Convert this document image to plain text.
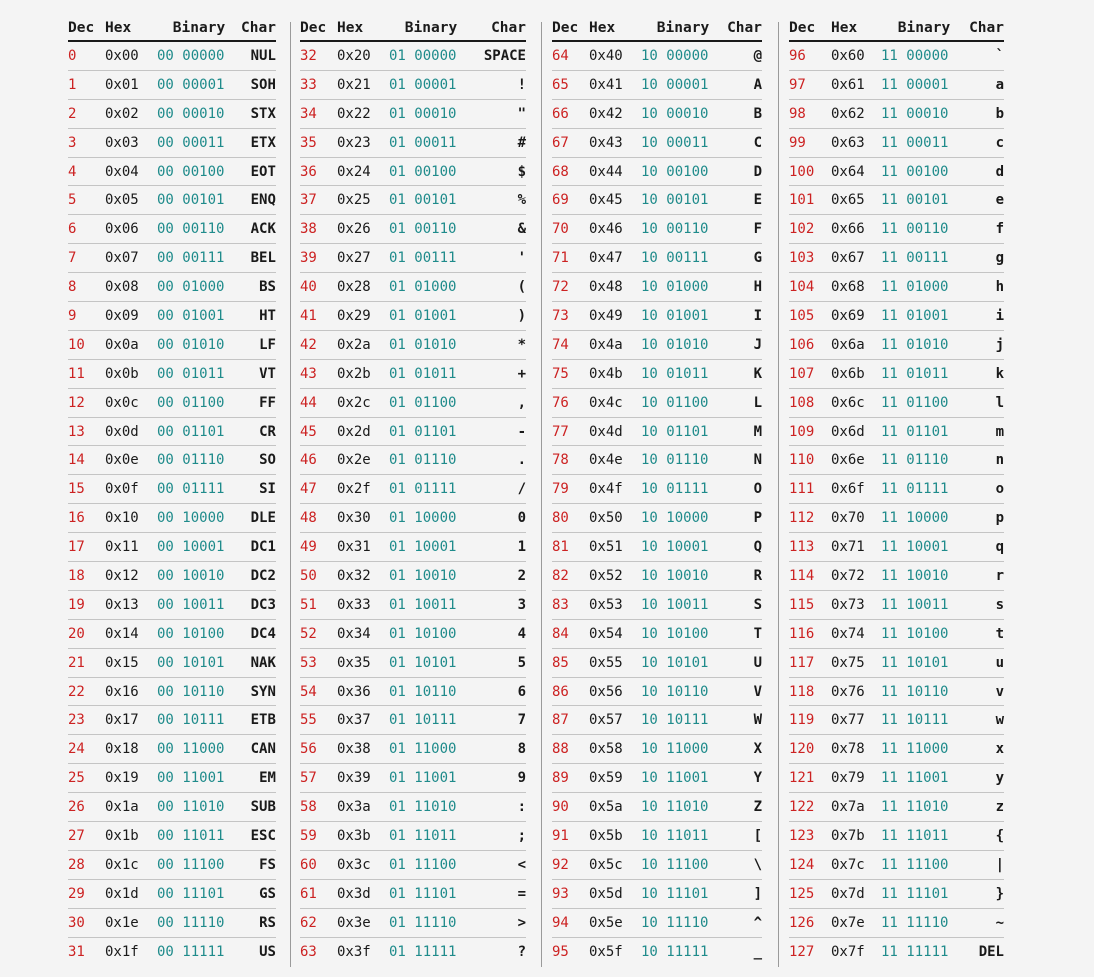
Dec	Hex	Binary	Char
0	0x00	00 00000	NUL
1	0x01	00 00001	SOH
2	0x02	00 00010	STX
3	0x03	00 00011	ETX
4	0x04	00 00100	EOT
5	0x05	00 00101	ENQ
6	0x06	00 00110	ACK
7	0x07	00 00111	BEL
8	0x08	00 01000	BS
9	0x09	00 01001	HT
10	0x0a	00 01010	LF
11	0x0b	00 01011	VT
12	0x0c	00 01100	FF
13	0x0d	00 01101	CR
14	0x0e	00 01110	SO
15	0x0f	00 01111	SI
16	0x10	00 10000	DLE
17	0x11	00 10001	DC1
18	0x12	00 10010	DC2
19	0x13	00 10011	DC3
20	0x14	00 10100	DC4
21	0x15	00 10101	NAK
22	0x16	00 10110	SYN
23	0x17	00 10111	ETB
24	0x18	00 11000	CAN
25	0x19	00 11001	EM
26	0x1a	00 11010	SUB
27	0x1b	00 11011	ESC
28	0x1c	00 11100	FS
29	0x1d	00 11101	GS
30	0x1e	00 11110	RS
31	0x1f	00 11111	US
Dec	Hex	Binary	Char
32	0x20	01 00000	SPACE
33	0x21	01 00001	!
34	0x22	01 00010	"
35	0x23	01 00011	#
36	0x24	01 00100	$
37	0x25	01 00101	%
38	0x26	01 00110	&
39	0x27	01 00111	'
40	0x28	01 01000	(
41	0x29	01 01001	)
42	0x2a	01 01010	*
43	0x2b	01 01011	+
44	0x2c	01 01100	,
45	0x2d	01 01101	-
46	0x2e	01 01110	.
47	0x2f	01 01111	/
48	0x30	01 10000	0
49	0x31	01 10001	1
50	0x32	01 10010	2
51	0x33	01 10011	3
52	0x34	01 10100	4
53	0x35	01 10101	5
54	0x36	01 10110	6
55	0x37	01 10111	7
56	0x38	01 11000	8
57	0x39	01 11001	9
58	0x3a	01 11010	:
59	0x3b	01 11011	;
60	0x3c	01 11100	<
61	0x3d	01 11101	=
62	0x3e	01 11110	>
63	0x3f	01 11111	?
Dec	Hex	Binary	Char
64	0x40	10 00000	@
65	0x41	10 00001	A
66	0x42	10 00010	B
67	0x43	10 00011	C
68	0x44	10 00100	D
69	0x45	10 00101	E
70	0x46	10 00110	F
71	0x47	10 00111	G
72	0x48	10 01000	H
73	0x49	10 01001	I
74	0x4a	10 01010	J
75	0x4b	10 01011	K
76	0x4c	10 01100	L
77	0x4d	10 01101	M
78	0x4e	10 01110	N
79	0x4f	10 01111	O
80	0x50	10 10000	P
81	0x51	10 10001	Q
82	0x52	10 10010	R
83	0x53	10 10011	S
84	0x54	10 10100	T
85	0x55	10 10101	U
86	0x56	10 10110	V
87	0x57	10 10111	W
88	0x58	10 11000	X
89	0x59	10 11001	Y
90	0x5a	10 11010	Z
91	0x5b	10 11011	[
92	0x5c	10 11100	\
93	0x5d	10 11101	]
94	0x5e	10 11110	^
95	0x5f	10 11111	_
Dec	Hex	Binary	Char
96	0x60	11 00000	`
97	0x61	11 00001	a
98	0x62	11 00010	b
99	0x63	11 00011	c
100	0x64	11 00100	d
101	0x65	11 00101	e
102	0x66	11 00110	f
103	0x67	11 00111	g
104	0x68	11 01000	h
105	0x69	11 01001	i
106	0x6a	11 01010	j
107	0x6b	11 01011	k
108	0x6c	11 01100	l
109	0x6d	11 01101	m
110	0x6e	11 01110	n
111	0x6f	11 01111	o
112	0x70	11 10000	p
113	0x71	11 10001	q
114	0x72	11 10010	r
115	0x73	11 10011	s
116	0x74	11 10100	t
117	0x75	11 10101	u
118	0x76	11 10110	v
119	0x77	11 10111	w
120	0x78	11 11000	x
121	0x79	11 11001	y
122	0x7a	11 11010	z
123	0x7b	11 11011	{
124	0x7c	11 11100	|
125	0x7d	11 11101	}
126	0x7e	11 11110	~
127	0x7f	11 11111	DEL
